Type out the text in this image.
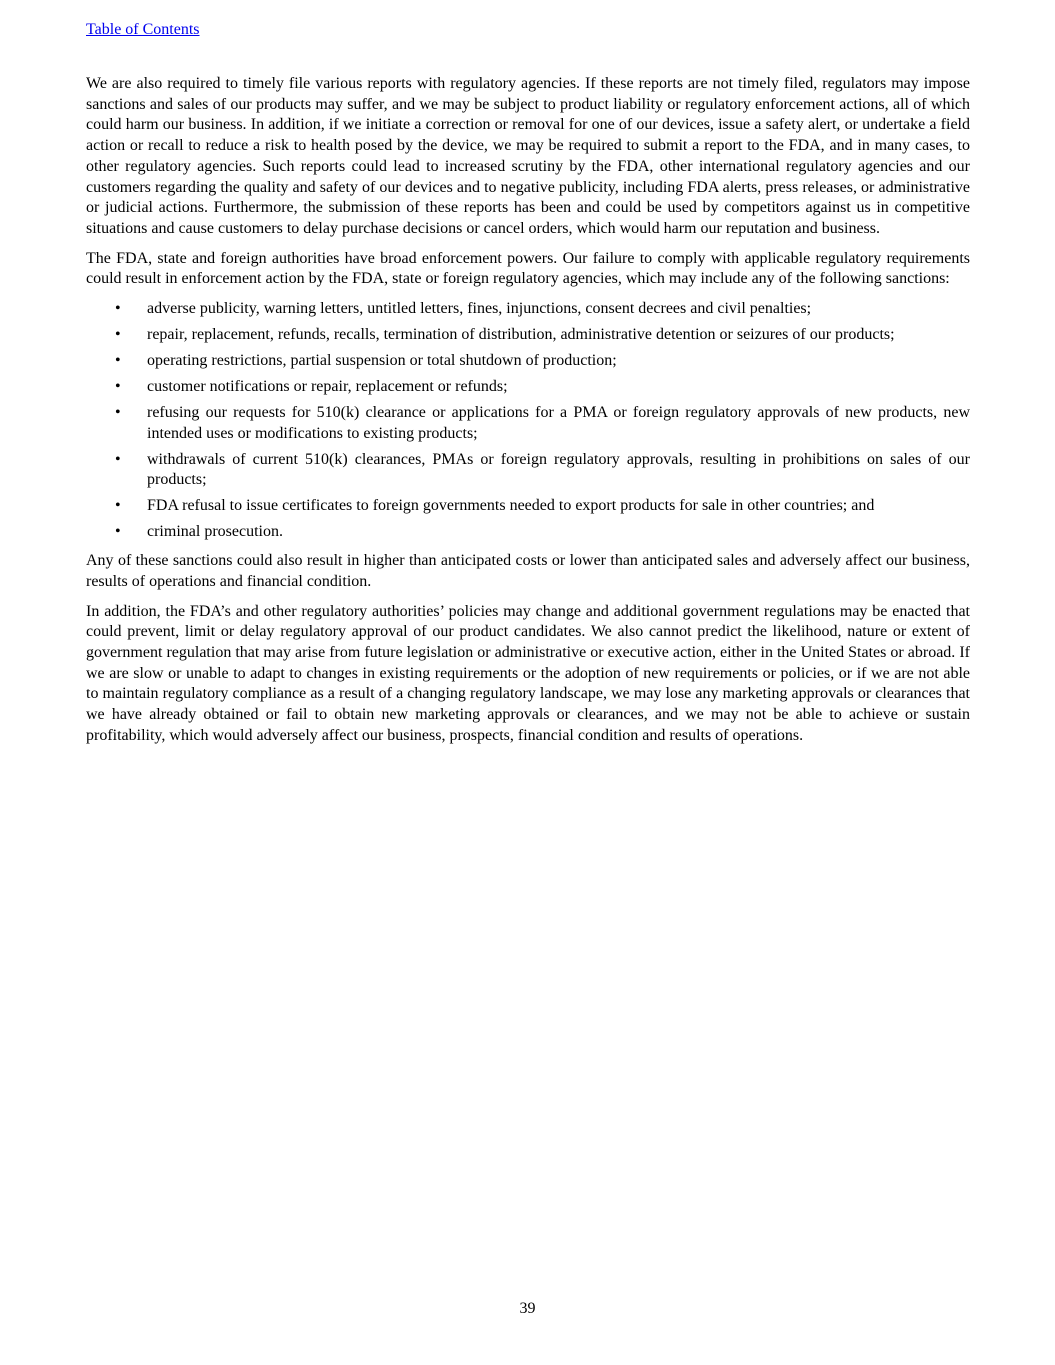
Table of Contents

We are also required to timely file various reports with regulatory agencies. If these reports are not timely filed, regulators may impose sanctions and sales of our products may suffer, and we may be subject to product liability or regulatory enforcement actions, all of which could harm our business. In addition, if we initiate a correction or removal for one of our devices, issue a safety alert, or undertake a field action or recall to reduce a risk to health posed by the device, we may be required to submit a report to the FDA, and in many cases, to other regulatory agencies. Such reports could lead to increased scrutiny by the FDA, other international regulatory agencies and our customers regarding the quality and safety of our devices and to negative publicity, including FDA alerts, press releases, or administrative or judicial actions. Furthermore, the submission of these reports has been and could be used by competitors against us in competitive situations and cause customers to delay purchase decisions or cancel orders, which would harm our reputation and business.

The FDA, state and foreign authorities have broad enforcement powers. Our failure to comply with applicable regulatory requirements could result in enforcement action by the FDA, state or foreign regulatory agencies, which may include any of the following sanctions:

• adverse publicity, warning letters, untitled letters, fines, injunctions, consent decrees and civil penalties;
• repair, replacement, refunds, recalls, termination of distribution, administrative detention or seizures of our products;
• operating restrictions, partial suspension or total shutdown of production;
• customer notifications or repair, replacement or refunds;
• refusing our requests for 510(k) clearance or applications for a PMA or foreign regulatory approvals of new products, new intended uses or modifications to existing products;
• withdrawals of current 510(k) clearances, PMAs or foreign regulatory approvals, resulting in prohibitions on sales of our products;
• FDA refusal to issue certificates to foreign governments needed to export products for sale in other countries; and
• criminal prosecution.

Any of these sanctions could also result in higher than anticipated costs or lower than anticipated sales and adversely affect our business, results of operations and financial condition.

In addition, the FDA’s and other regulatory authorities’ policies may change and additional government regulations may be enacted that could prevent, limit or delay regulatory approval of our product candidates. We also cannot predict the likelihood, nature or extent of government regulation that may arise from future legislation or administrative or executive action, either in the United States or abroad. If we are slow or unable to adapt to changes in existing requirements or the adoption of new requirements or policies, or if we are not able to maintain regulatory compliance as a result of a changing regulatory landscape, we may lose any marketing approvals or clearances that we have already obtained or fail to obtain new marketing approvals or clearances, and we may not be able to achieve or sustain profitability, which would adversely affect our business, prospects, financial condition and results of operations.

39
